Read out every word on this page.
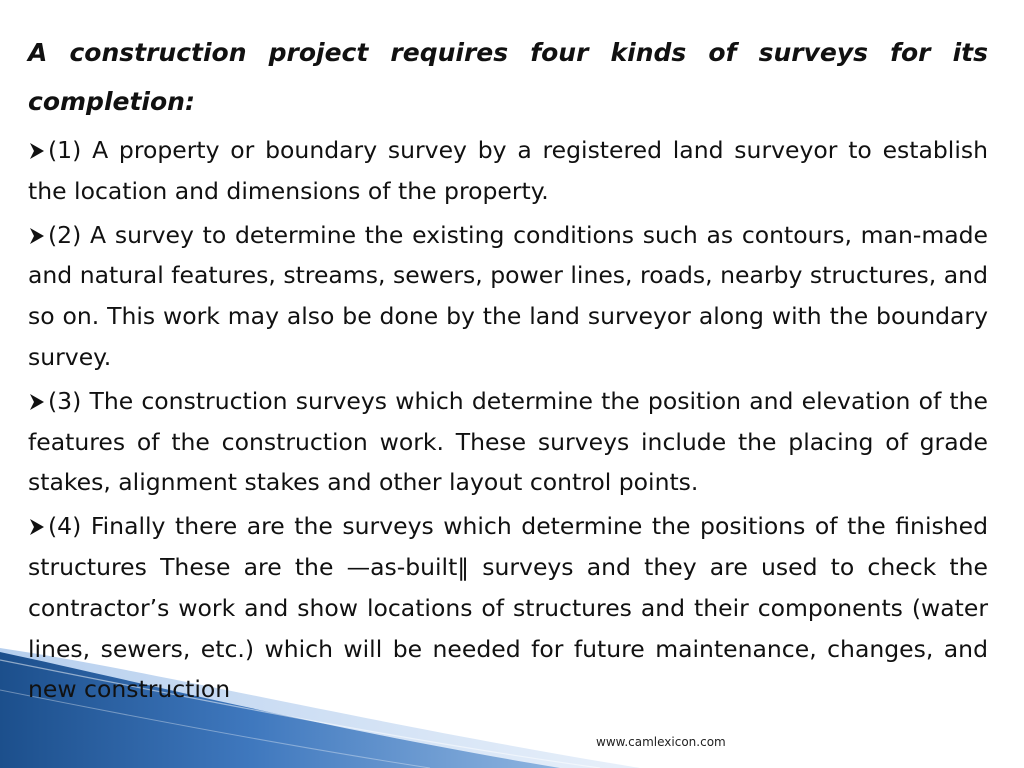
A construction project requires four kinds of surveys for its completion:

(1) A property or boundary survey by a registered land surveyor to establish the location and dimensions of the property.
(2) A survey to determine the existing conditions such as contours, man-made and natural features, streams, sewers, power lines, roads, nearby structures, and so on. This work may also be done by the land surveyor along with the boundary survey.
(3) The construction surveys which determine the position and elevation of the features of the construction work. These surveys include the placing of grade stakes, alignment stakes and other layout control points.
(4) Finally there are the surveys which determine the positions of the finished structures These are the —as-built‖ surveys and they are used to check the contractor’s work and show locations of structures and their components (water lines, sewers, etc.) which will be needed for future maintenance, changes, and new construction
www.camlexicon.com
